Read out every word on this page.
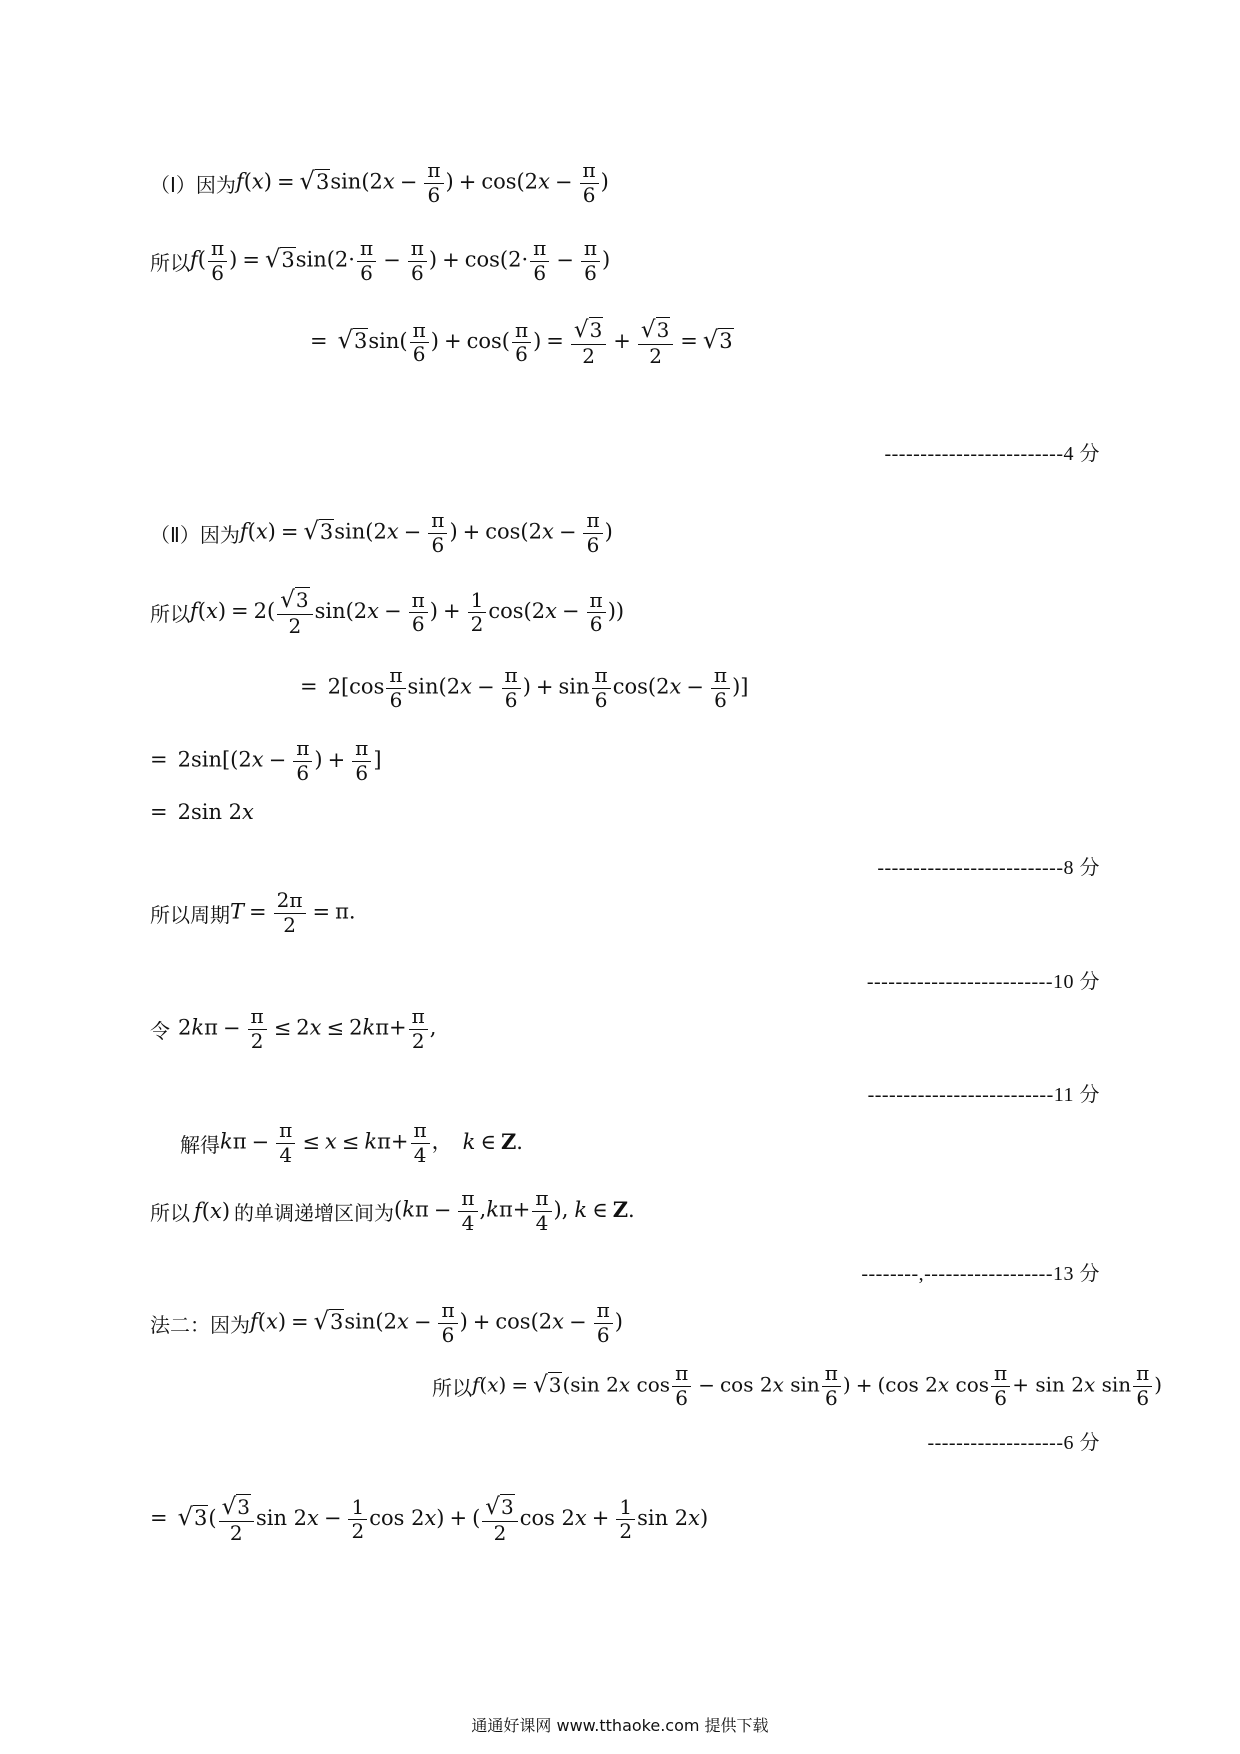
（Ⅰ）因为 $f(x) = √3\sin(2x - \frac{\pi}{6}$ ) + $\cos(2x - \frac{\pi}{6}$ )
所以 $f( \frac{\pi}{6}$ ) = $√3\sin(2\cdot \frac{\pi}{6} - \frac{\pi}{6}$ ) + $\cos(2\cdot \frac{\pi}{6} - \frac{\pi}{6}$ )
= $√3\sin( \frac{\pi}{6}$ ) + $\cos( \frac{\pi}{6}$ ) = $\frac{√3}{2} + \frac{√3}{2} = √3$
-------------------------4 分
（Ⅱ）因为 $f(x) = √3\sin(2x - \frac{\pi}{6}$ ) + $\cos(2x - \frac{\pi}{6}$ )
所以 $f(x) = 2( \frac{√3}{2} \sin(2x - \frac{\pi}{6}$ ) + $\frac{1}{2} \cos(2x - \frac{\pi}{6}$ ))
= $2[\cos \frac{\pi}{6} \sin(2x - \frac{\pi}{6}$ ) + $\sin \frac{\pi}{6} \cos(2x - \frac{\pi}{6}$ )]
= $2\sin[(2x - \frac{\pi}{6}$ ) + $\frac{\pi}{6}$ ]
= 2sin 2x
--------------------------8 分
所以周期 $T = \frac{2\pi}{2} = \pi$.
--------------------------10 分
令 $2k\pi - \frac{\pi}{2} \le 2x \le 2k\pi+ \frac{\pi}{2}$ ,
--------------------------11 分
解得 $k\pi - \frac{\pi}{4} \le x \le k\pi+ \frac{\pi}{4}$ ， k ∈ Z.
所以 f(x) 的单调递增区间为 ($k\pi - \frac{\pi}{4} ,k\pi+ \frac{\pi}{4}$ ), k ∈ Z.
--------,------------------13 分
法二：因为 $f(x) = √3\sin(2x - \frac{\pi}{6}$ ) + $\cos(2x - \frac{\pi}{6}$ )
所以 f(x) = √3(sin 2x $\cos \frac{\pi}{6} - \cos 2x$ $\sin \frac{\pi}{6}$ ) + (cos 2x $\cos \frac{\pi}{6} + \sin 2x$ $\sin \frac{\pi}{6}$ )
-------------------6 分
= $√3( \frac{√3}{2}$ $\sin 2x - \frac{1}{2}$ cos 2x) + ( $\frac{√3}{2}$ $\cos 2x + \frac{1}{2}$ sin 2x)
通通好课网 www.tthaoke.com 提供下载
